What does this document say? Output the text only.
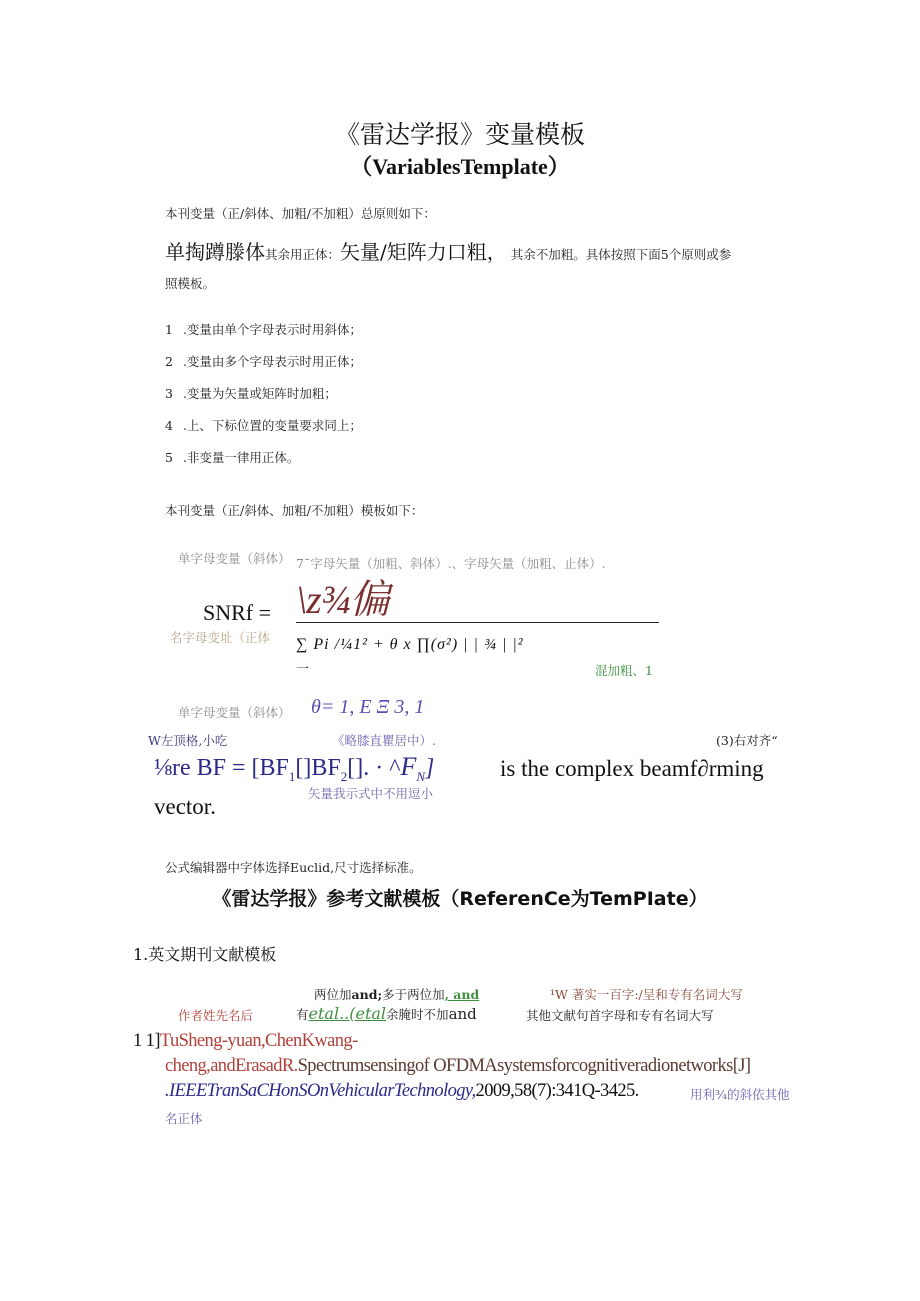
《雷达学报》变量模板
（VariablesTemplate）
本刊变量（正/斜体、加粗/不加粗）总原则如下：
单掏蹲滕体其余用正体：矢量/矩阵力口粗， 其余不加粗。具体按照下面5个原则或参
照模板。
1 .变量由单个字母表示时用斜体；
2 .变量由多个字母表示时用正体；
3 .变量为矢量或矩阵时加粗；
4 .上、下标位置的变量要求同上；
5 .非变量一律用正体。
本刊变量（正/斜体、加粗/不加粗）模板如下：
单字母变量（斜体） 7ˉ字母矢量（加粗、斜体）.、字母矢量（加粗、止体）.
\z¾偏
SNRf =
名字母变址（正体 ∑ Pi /¼1² + θ x ∏(σ²) | | ¾ | |²
一	混加粗、1
单字母变量（斜体） θ= 1, E Ξ 3, 1
W左顶格,小吃	《略膝直瞿居中）.	(3)右对齐“
⅛re BF = [$BF_1[]BF_2[]$. · $\^{}F_N$]	is the complex beamf∂rming
矢量我示式中不用逗小
vector.
公式编辑器中字体选择Euclid,尺寸选择标准。
《雷达学报》参考文献模板（ReferenCe为TemPIate）
1.英文期刊文献模板
两位加and;多于两位加, and	¹W 著实一百字:/呈和专有名词大写
作者姓先名后	有etal..(etal余腌时不加and	其他文献句首字母和专有名词大写
1 1]TuSheng-yuan,ChenKwang-
cheng,andErasadR.Spectrumsensingof OFDMAsystemsforcognitiveradionetworks[J]
.IEEETranSaCHonSOnVehicularTechnology,2009,58(7):341Q-3425.	用利¾的斜依其他
名正体
